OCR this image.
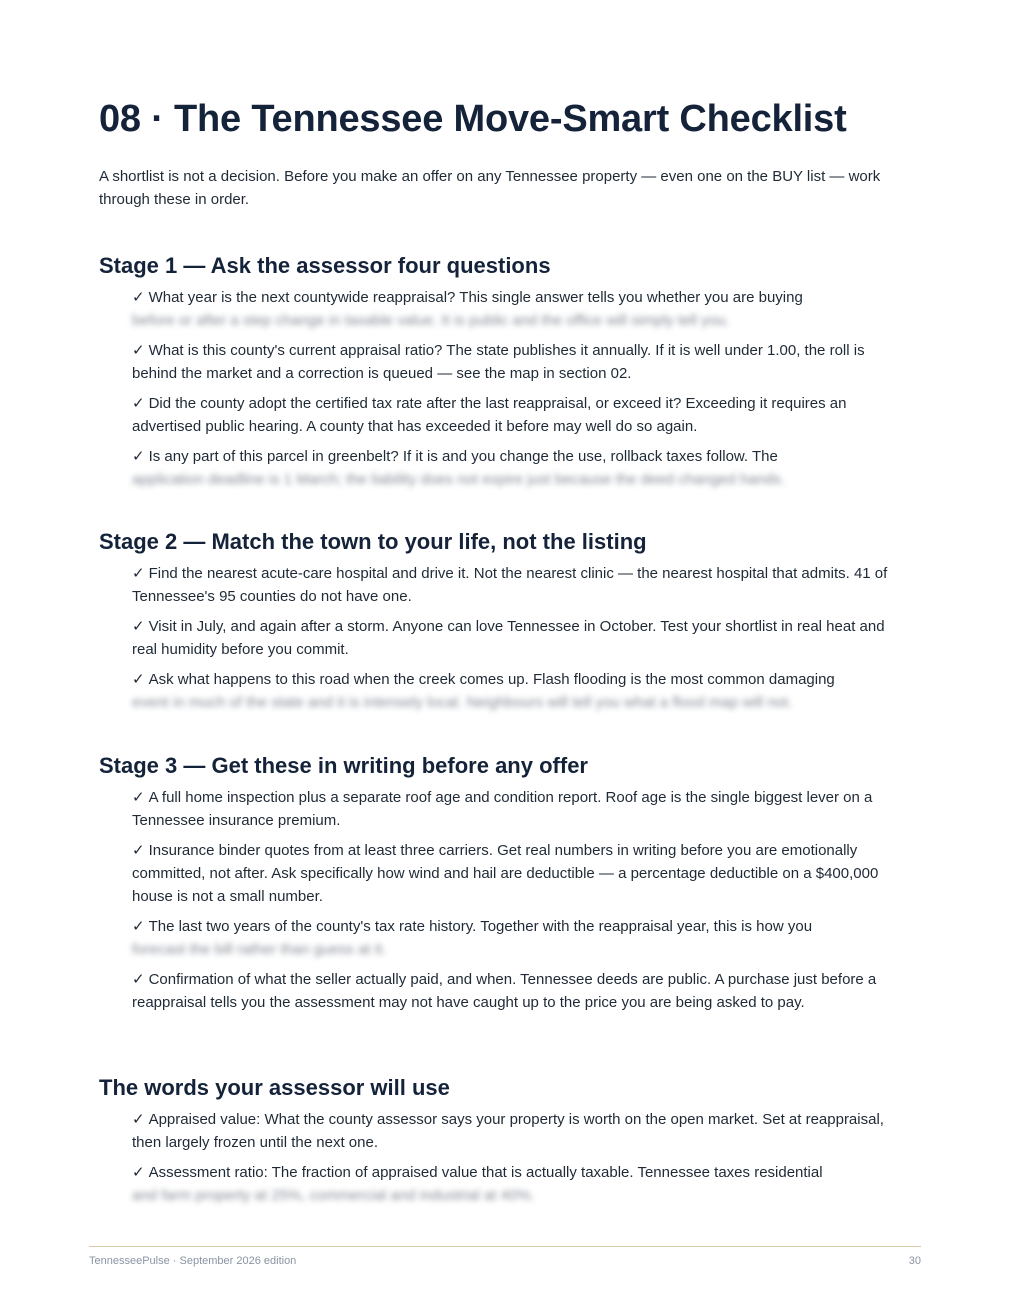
08 · The Tennessee Move-Smart Checklist

A shortlist is not a decision. Before you make an offer on any Tennessee property — even one on the BUY list — work through these in order.

Stage 1 — Ask the assessor four questions
✓ What year is the next countywide reappraisal? This single answer tells you whether you are buying
before or after a step change in taxable value. It is public and the office will simply tell you.
✓ What is this county's current appraisal ratio? The state publishes it annually. If it is well under 1.00, the roll is behind the market and a correction is queued — see the map in section 02.
✓ Did the county adopt the certified tax rate after the last reappraisal, or exceed it? Exceeding it requires an advertised public hearing. A county that has exceeded it before may well do so again.
✓ Is any part of this parcel in greenbelt? If it is and you change the use, rollback taxes follow. The
application deadline is 1 March; the liability does not expire just because the deed changed hands.
Stage 2 — Match the town to your life, not the listing
✓ Find the nearest acute-care hospital and drive it. Not the nearest clinic — the nearest hospital that admits. 41 of Tennessee's 95 counties do not have one.
✓ Visit in July, and again after a storm. Anyone can love Tennessee in October. Test your shortlist in real heat and real humidity before you commit.
✓ Ask what happens to this road when the creek comes up. Flash flooding is the most common damaging
event in much of the state and it is intensely local. Neighbours will tell you what a flood map will not.
Stage 3 — Get these in writing before any offer
✓ A full home inspection plus a separate roof age and condition report. Roof age is the single biggest lever on a Tennessee insurance premium.
✓ Insurance binder quotes from at least three carriers. Get real numbers in writing before you are emotionally committed, not after. Ask specifically how wind and hail are deductible — a percentage deductible on a $400,000 house is not a small number.
✓ The last two years of the county's tax rate history. Together with the reappraisal year, this is how you
forecast the bill rather than guess at it.
✓ Confirmation of what the seller actually paid, and when. Tennessee deeds are public. A purchase just before a reappraisal tells you the assessment may not have caught up to the price you are being asked to pay.
The words your assessor will use
✓ Appraised value: What the county assessor says your property is worth on the open market. Set at reappraisal, then largely frozen until the next one.
✓ Assessment ratio: The fraction of appraised value that is actually taxable. Tennessee taxes residential
and farm property at 25%, commercial and industrial at 40%.
TennesseePulse · September 2026 edition	30
